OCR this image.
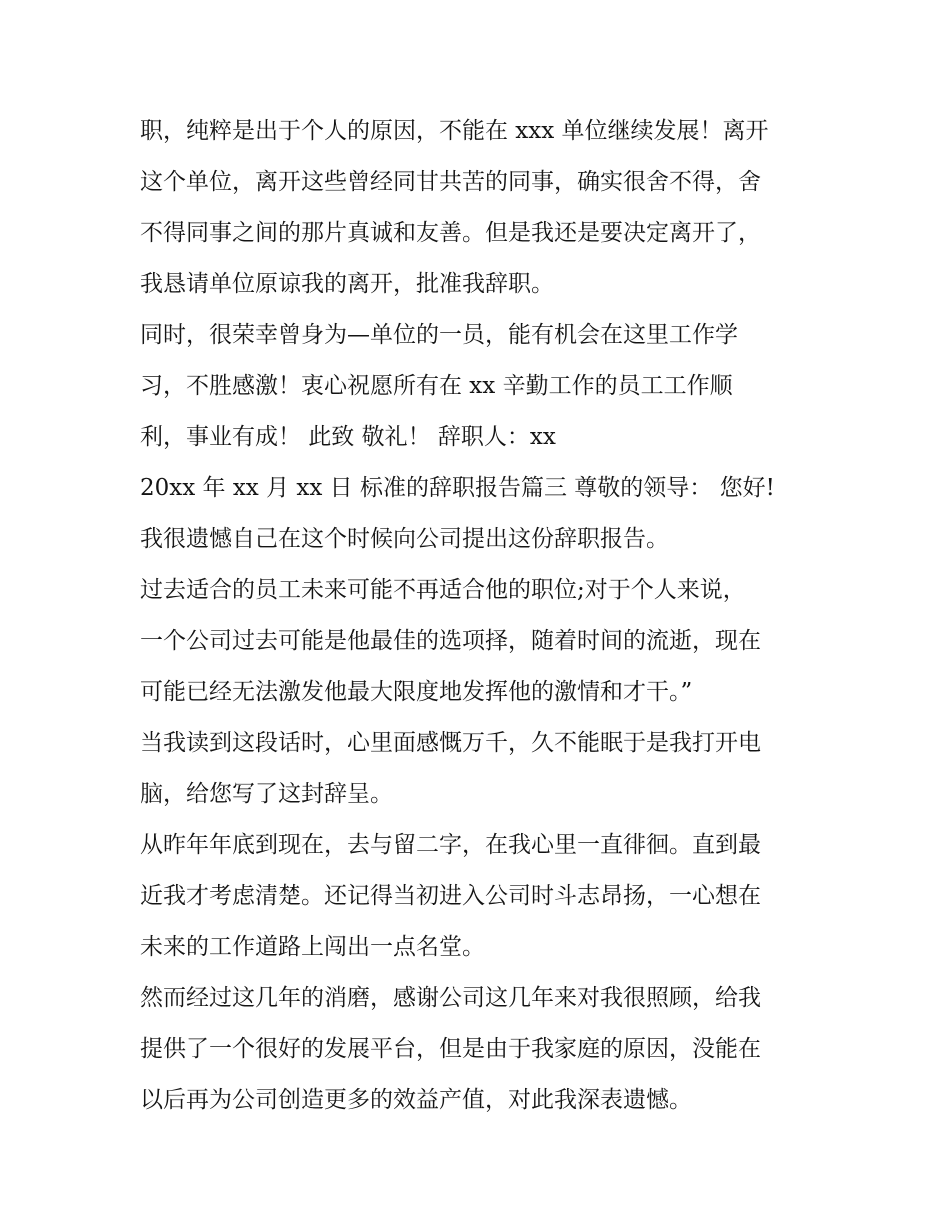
职，纯粹是出于个人的原因，不能在 xxx 单位继续发展！离开
这个单位，离开这些曾经同甘共苦的同事，确实很舍不得，舍
不得同事之间的那片真诚和友善。但是我还是要决定离开了，
我恳请单位原谅我的离开，批准我辞职。
同时，很荣幸曾身为—单位的一员，能有机会在这里工作学
习，不胜感激！衷心祝愿所有在 xx 辛勤工作的员工工作顺
利，事业有成！ 此致 敬礼！ 辞职人：xx
20xx 年 xx 月 xx 日 标准的辞职报告篇三 尊敬的领导： 您好!
我很遗憾自己在这个时候向公司提出这份辞职报告。
过去适合的员工未来可能不再适合他的职位;对于个人来说，
一个公司过去可能是他最佳的选项择，随着时间的流逝，现在
可能已经无法激发他最大限度地发挥他的激情和才干。”
当我读到这段话时，心里面感慨万千，久不能眠于是我打开电
脑，给您写了这封辞呈。
从昨年年底到现在，去与留二字，在我心里一直徘徊。直到最
近我才考虑清楚。还记得当初进入公司时斗志昂扬，一心想在
未来的工作道路上闯出一点名堂。
然而经过这几年的消磨，感谢公司这几年来对我很照顾，给我
提供了一个很好的发展平台，但是由于我家庭的原因，没能在
以后再为公司创造更多的效益产值，对此我深表遗憾。
